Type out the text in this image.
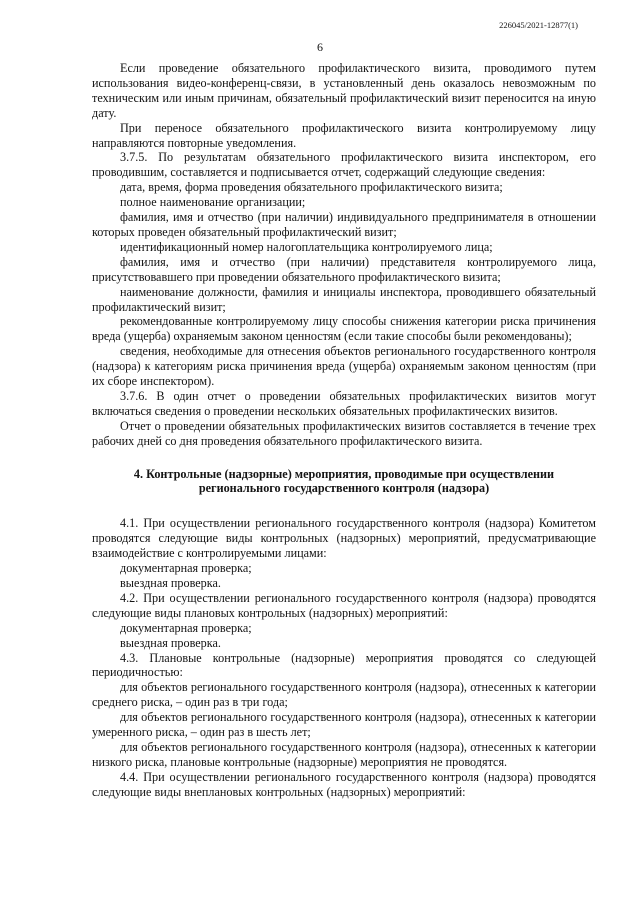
226045/2021-12877(1)
6

Если проведение обязательного профилактического визита, проводимого путем использования видео-конференц-связи, в установленный день оказалось невозможным по техническим или иным причинам, обязательный профилактический визит переносится на иную дату.

При переносе обязательного профилактического визита контролируемому лицу направляются повторные уведомления.

3.7.5. По результатам обязательного профилактического визита инспектором, его проводившим, составляется и подписывается отчет, содержащий следующие сведения:

дата, время, форма проведения обязательного профилактического визита;

полное наименование организации;

фамилия, имя и отчество (при наличии) индивидуального предпринимателя в отношении которых проведен обязательный профилактический визит;

идентификационный номер налогоплательщика контролируемого лица;

фамилия, имя и отчество (при наличии) представителя контролируемого лица, присутствовавшего при проведении обязательного профилактического визита;

наименование должности, фамилия и инициалы инспектора, проводившего обязательный профилактический визит;

рекомендованные контролируемому лицу способы снижения категории риска причинения вреда (ущерба) охраняемым законом ценностям (если такие способы были рекомендованы);

сведения, необходимые для отнесения объектов регионального государственного контроля (надзора) к категориям риска причинения вреда (ущерба) охраняемым законом ценностям (при их сборе инспектором).

3.7.6. В один отчет о проведении обязательных профилактических визитов могут включаться сведения о проведении нескольких обязательных профилактических визитов.

Отчет о проведении обязательных профилактических визитов составляется в течение трех рабочих дней со дня проведения обязательного профилактического визита.

4. Контрольные (надзорные) мероприятия, проводимые при осуществлении регионального государственного контроля (надзора)

4.1. При осуществлении регионального государственного контроля (надзора) Комитетом проводятся следующие виды контрольных (надзорных) мероприятий, предусматривающие взаимодействие с контролируемыми лицами:

документарная проверка;

выездная проверка.

4.2. При осуществлении регионального государственного контроля (надзора) проводятся следующие виды плановых контрольных (надзорных) мероприятий:

документарная проверка;

выездная проверка.

4.3. Плановые контрольные (надзорные) мероприятия проводятся со следующей периодичностью:

для объектов регионального государственного контроля (надзора), отнесенных к категории среднего риска, – один раз в три года;

для объектов регионального государственного контроля (надзора), отнесенных к категории умеренного риска, – один раз в шесть лет;

для объектов регионального государственного контроля (надзора), отнесенных к категории низкого риска, плановые контрольные (надзорные) мероприятия не проводятся.

4.4. При осуществлении регионального государственного контроля (надзора) проводятся следующие виды внеплановых контрольных (надзорных) мероприятий:
